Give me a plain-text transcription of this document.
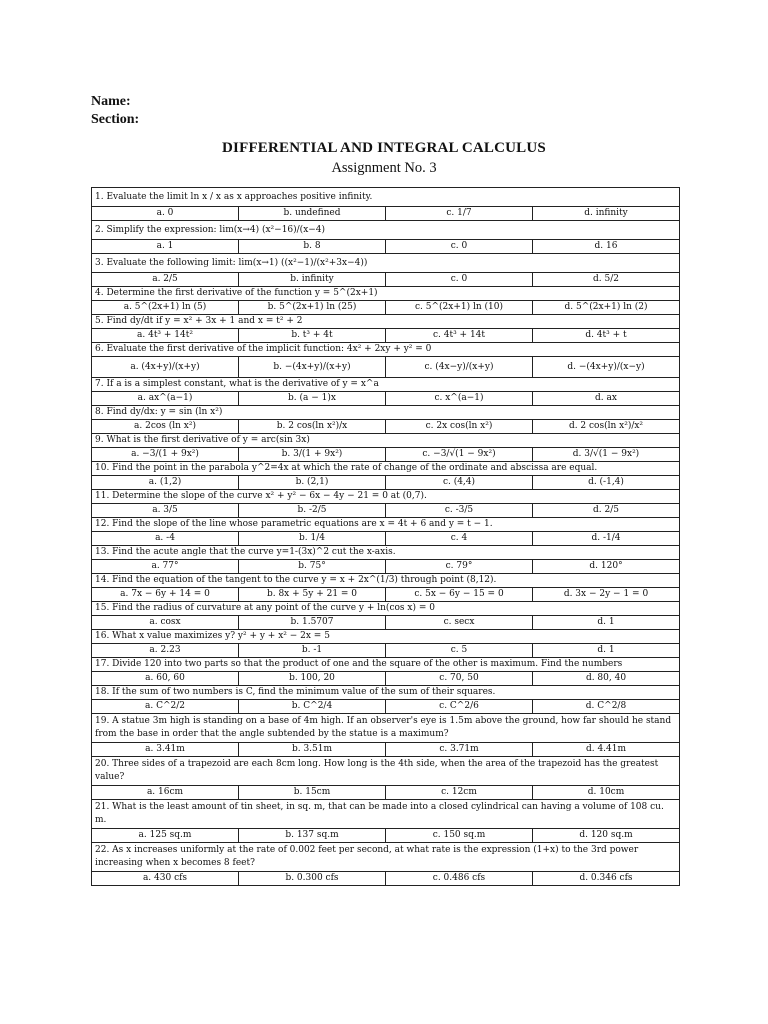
Name:
Section:
DIFFERENTIAL AND INTEGRAL CALCULUS
Assignment No. 3
1. Evaluate the limit ln x / x as x approaches positive infinity.			
a. 0	b. undefined	c. 1/7	d. infinity
2. Simplify the expression: lim(x→4) (x²−16)/(x−4)			
a. 1	b. 8	c. 0	d. 16
3. Evaluate the following limit: lim(x→1) ((x²−1)/(x²+3x−4))			
a. 2/5	b. infinity	c. 0	d. 5/2
4. Determine the first derivative of the function y = 5^(2x+1)			
a. 5^(2x+1) ln (5)	b. 5^(2x+1) ln (25)	c. 5^(2x+1) ln (10)	d. 5^(2x+1) ln (2)
5. Find dy/dt if y = x² + 3x + 1 and x = t² + 2			
a. 4t³ + 14t²	b. t³ + 4t	c. 4t³ + 14t	d. 4t³ + t
6. Evaluate the first derivative of the implicit function: 4x² + 2xy + y² = 0			
a. (4x+y)/(x+y)	b. −(4x+y)/(x+y)	c. (4x−y)/(x+y)	d. −(4x+y)/(x−y)
7. If a is a simplest constant, what is the derivative of y = x^a			
a. ax^(a−1)	b. (a − 1)x	c. x^(a−1)	d. ax
8. Find dy/dx: y = sin (ln x²)			
a. 2cos (ln x²)	b. 2 cos(ln x²)/x	c. 2x cos(ln x²)	d. 2 cos(ln x²)/x²
9. What is the first derivative of y = arc(sin 3x)			
a. −3/(1 + 9x²)	b. 3/(1 + 9x²)	c. −3/√(1 − 9x²)	d. 3/√(1 − 9x²)
10. Find the point in the parabola y^2=4x at which the rate of change of the ordinate and abscissa are equal.			
a. (1,2)	b. (2,1)	c. (4,4)	d. (-1,4)
11. Determine the slope of the curve x² + y² − 6x − 4y − 21 = 0 at (0,7).			
a. 3/5	b. -2/5	c. -3/5	d. 2/5
12. Find the slope of the line whose parametric equations are x = 4t + 6 and y = t − 1.			
a. -4	b. 1/4	c. 4	d. -1/4
13. Find the acute angle that the curve y=1-(3x)^2 cut the x-axis.			
a. 77°	b. 75°	c. 79°	d. 120°
14. Find the equation of the tangent to the curve y = x + 2x^(1/3) through point (8,12).			
a. 7x − 6y + 14 = 0	b. 8x + 5y + 21 = 0	c. 5x − 6y − 15 = 0	d. 3x − 2y − 1 = 0
15. Find the radius of curvature at any point of the curve y + ln(cos x) = 0			
a. cosx	b. 1.5707	c. secx	d. 1
16. What x value maximizes y? y² + y + x² − 2x = 5			
a. 2.23	b. -1	c. 5	d. 1
17. Divide 120 into two parts so that the product of one and the square of the other is maximum. Find the numbers			
a. 60, 60	b. 100, 20	c. 70, 50	d. 80, 40
18. If the sum of two numbers is C, find the minimum value of the sum of their squares.			
a. C^2/2	b. C^2/4	c. C^2/6	d. C^2/8
19. A statue 3m high is standing on a base of 4m high. If an observer's eye is 1.5m above the ground, how far should he stand from the base in order that the angle subtended by the statue is a maximum?			
a. 3.41m	b. 3.51m	c. 3.71m	d. 4.41m
20. Three sides of a trapezoid are each 8cm long. How long is the 4th side, when the area of the trapezoid has the greatest value?			
a. 16cm	b. 15cm	c. 12cm	d. 10cm
21. What is the least amount of tin sheet, in sq. m, that can be made into a closed cylindrical can having a volume of 108 cu. m.			
a. 125 sq.m	b. 137 sq.m	c. 150 sq.m	d. 120 sq.m
22. As x increases uniformly at the rate of 0.002 feet per second, at what rate is the expression (1+x) to the 3rd power increasing when x becomes 8 feet?			
a. 430 cfs	b. 0.300 cfs	c. 0.486 cfs	d. 0.346 cfs
